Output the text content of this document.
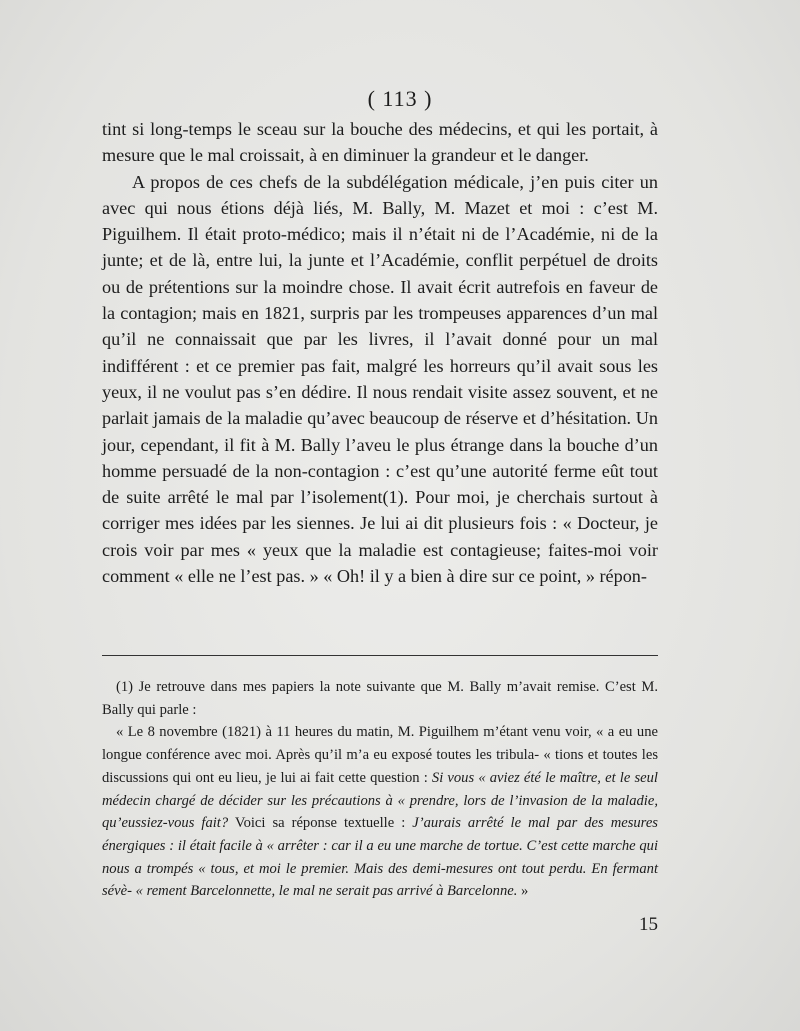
( 113 )

tint si long-temps le sceau sur la bouche des médecins, et qui les portait, à mesure que le mal croissait, à en diminuer la grandeur et le danger.

A propos de ces chefs de la subdélégation médicale, j’en puis citer un avec qui nous étions déjà liés, M. Bally, M. Mazet et moi : c’est M. Piguilhem. Il était proto-médico; mais il n’était ni de l’Académie, ni de la junte; et de là, entre lui, la junte et l’Académie, conflit perpétuel de droits ou de prétentions sur la moindre chose. Il avait écrit autrefois en faveur de la contagion; mais en 1821, surpris par les trompeuses apparences d’un mal qu’il ne connaissait que par les livres, il l’avait donné pour un mal indifférent : et ce premier pas fait, malgré les horreurs qu’il avait sous les yeux, il ne voulut pas s’en dédire. Il nous rendait visite assez souvent, et ne parlait jamais de la maladie qu’avec beaucoup de réserve et d’hésitation. Un jour, cependant, il fit à M. Bally l’aveu le plus étrange dans la bouche d’un homme persuadé de la non-contagion : c’est qu’une autorité ferme eût tout de suite arrêté le mal par l’isolement(1). Pour moi, je cherchais surtout à corriger mes idées par les siennes. Je lui ai dit plusieurs fois : « Docteur, je crois voir par mes « yeux que la maladie est contagieuse; faites-moi voir comment « elle ne l’est pas. » « Oh! il y a bien à dire sur ce point, » répon-

(1) Je retrouve dans mes papiers la note suivante que M. Bally m’avait remise. C’est M. Bally qui parle :

« Le 8 novembre (1821) à 11 heures du matin, M. Piguilhem m’étant venu voir, « a eu une longue conférence avec moi. Après qu’il m’a eu exposé toutes les tribula- « tions et toutes les discussions qui ont eu lieu, je lui ai fait cette question : Si vous « aviez été le maître, et le seul médecin chargé de décider sur les précautions à « prendre, lors de l’invasion de la maladie, qu’eussiez-vous fait? Voici sa réponse textuelle : J’aurais arrêté le mal par des mesures énergiques : il était facile à « arrêter : car il a eu une marche de tortue. C’est cette marche qui nous a trompés « tous, et moi le premier. Mais des demi-mesures ont tout perdu. En fermant sévè- « rement Barcelonnette, le mal ne serait pas arrivé à Barcelonne. »

15
